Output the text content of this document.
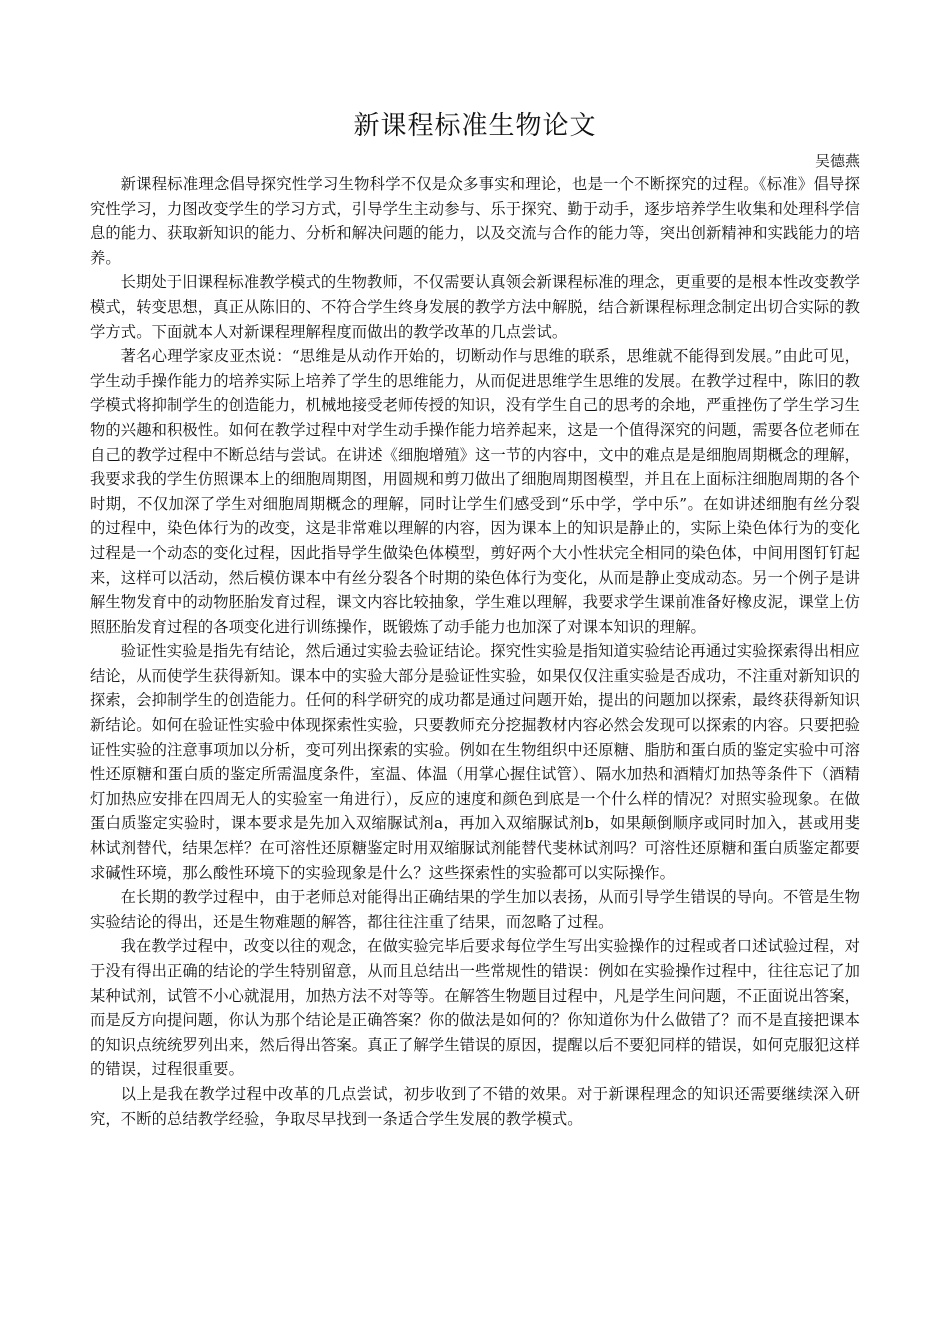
新课程标准生物论文
吴德燕

新课程标准理念倡导探究性学习生物科学不仅是众多事实和理论，也是一个不断探究的过程。《标准》倡导探究性学习，力图改变学生的学习方式，引导学生主动参与、乐于探究、勤于动手，逐步培养学生收集和处理科学信息的能力、获取新知识的能力、分析和解决问题的能力，以及交流与合作的能力等，突出创新精神和实践能力的培养。

长期处于旧课程标准教学模式的生物教师，不仅需要认真领会新课程标准的理念，更重要的是根本性改变教学模式，转变思想，真正从陈旧的、不符合学生终身发展的教学方法中解脱，结合新课程标理念制定出切合实际的教学方式。下面就本人对新课程理解程度而做出的教学改革的几点尝试。

著名心理学家皮亚杰说：“思维是从动作开始的，切断动作与思维的联系，思维就不能得到发展。”由此可见，学生动手操作能力的培养实际上培养了学生的思维能力，从而促进思维学生思维的发展。在教学过程中，陈旧的教学模式将抑制学生的创造能力，机械地接受老师传授的知识，没有学生自己的思考的余地，严重挫伤了学生学习生物的兴趣和积极性。如何在教学过程中对学生动手操作能力培养起来，这是一个值得深究的问题，需要各位老师在自己的教学过程中不断总结与尝试。在讲述《细胞增殖》这一节的内容中，文中的难点是是细胞周期概念的理解，我要求我的学生仿照课本上的细胞周期图，用圆规和剪刀做出了细胞周期图模型，并且在上面标注细胞周期的各个时期，不仅加深了学生对细胞周期概念的理解，同时让学生们感受到“乐中学，学中乐”。在如讲述细胞有丝分裂的过程中，染色体行为的改变，这是非常难以理解的内容，因为课本上的知识是静止的，实际上染色体行为的变化过程是一个动态的变化过程，因此指导学生做染色体模型，剪好两个大小性状完全相同的染色体，中间用图钉钉起来，这样可以活动，然后模仿课本中有丝分裂各个时期的染色体行为变化，从而是静止变成动态。另一个例子是讲解生物发育中的动物胚胎发育过程，课文内容比较抽象，学生难以理解，我要求学生课前准备好橡皮泥，课堂上仿照胚胎发育过程的各项变化进行训练操作，既锻炼了动手能力也加深了对课本知识的理解。

验证性实验是指先有结论，然后通过实验去验证结论。探究性实验是指知道实验结论再通过实验探索得出相应结论，从而使学生获得新知。课本中的实验大部分是验证性实验，如果仅仅注重实验是否成功，不注重对新知识的探索，会抑制学生的创造能力。任何的科学研究的成功都是通过问题开始，提出的问题加以探索，最终获得新知识新结论。如何在验证性实验中体现探索性实验，只要教师充分挖掘教材内容必然会发现可以探索的内容。只要把验证性实验的注意事项加以分析，变可列出探索的实验。例如在生物组织中还原糖、脂肪和蛋白质的鉴定实验中可溶性还原糖和蛋白质的鉴定所需温度条件，室温、体温（用掌心握住试管）、隔水加热和酒精灯加热等条件下（酒精灯加热应安排在四周无人的实验室一角进行），反应的速度和颜色到底是一个什么样的情况？对照实验现象。在做蛋白质鉴定实验时，课本要求是先加入双缩脲试剂a，再加入双缩脲试剂b，如果颠倒顺序或同时加入，甚或用斐林试剂替代，结果怎样？在可溶性还原糖鉴定时用双缩脲试剂能替代斐林试剂吗？可溶性还原糖和蛋白质鉴定都要求碱性环境，那么酸性环境下的实验现象是什么？这些探索性的实验都可以实际操作。

在长期的教学过程中，由于老师总对能得出正确结果的学生加以表扬，从而引导学生错误的导向。不管是生物实验结论的得出，还是生物难题的解答，都往往注重了结果，而忽略了过程。

我在教学过程中，改变以往的观念，在做实验完毕后要求每位学生写出实验操作的过程或者口述试验过程，对于没有得出正确的结论的学生特别留意，从而且总结出一些常规性的错误：例如在实验操作过程中，往往忘记了加某种试剂，试管不小心就混用，加热方法不对等等。在解答生物题目过程中，凡是学生问问题，不正面说出答案，而是反方向提问题，你认为那个结论是正确答案？你的做法是如何的？你知道你为什么做错了？而不是直接把课本的知识点统统罗列出来，然后得出答案。真正了解学生错误的原因，提醒以后不要犯同样的错误，如何克服犯这样的错误，过程很重要。

以上是我在教学过程中改革的几点尝试，初步收到了不错的效果。对于新课程理念的知识还需要继续深入研究，不断的总结教学经验，争取尽早找到一条适合学生发展的教学模式。
